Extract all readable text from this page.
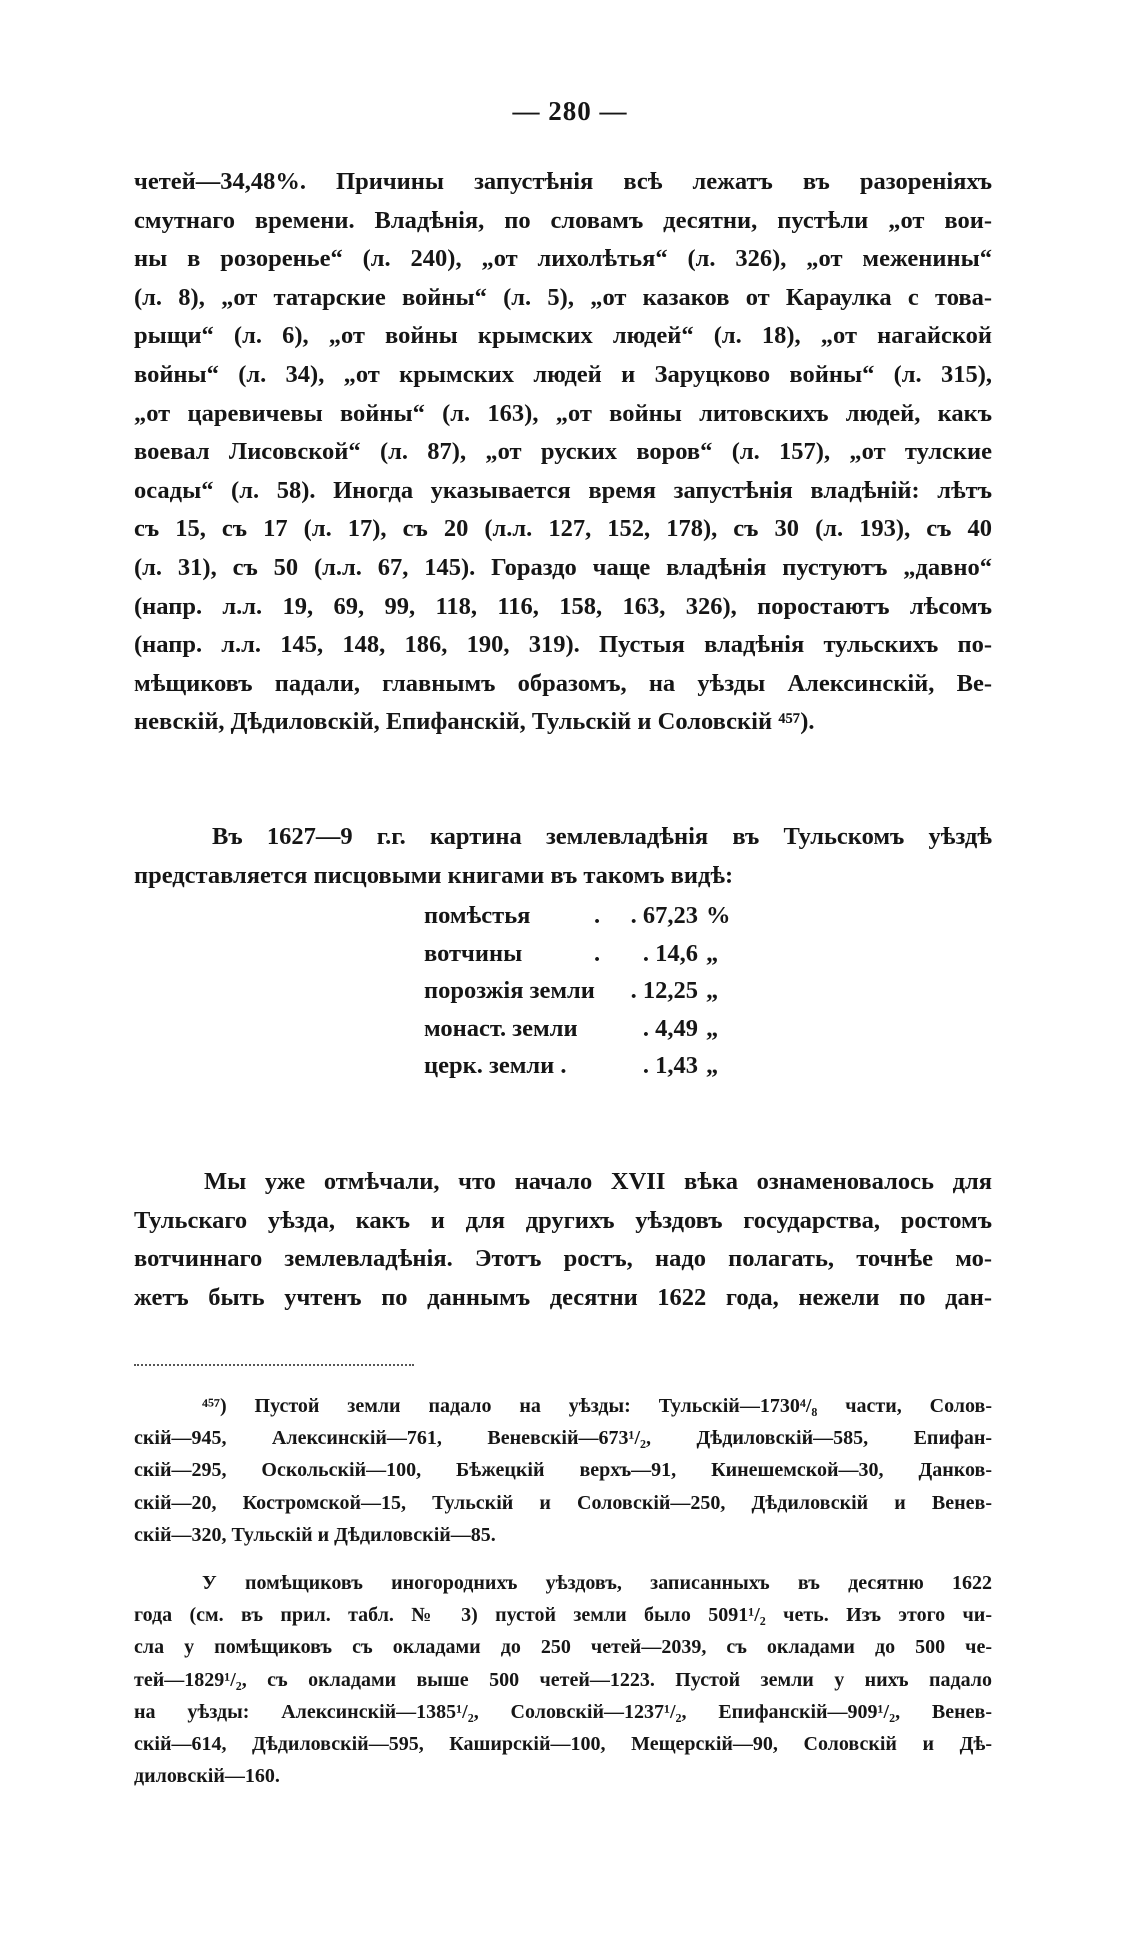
— 280 —
четей—34,48%. Причины запустѣнія всѣ лежатъ въ разореніяхъ
смутнаго времени. Владѣнія, по словамъ десятни, пустѣли „от вои-
ны в розоренье“ (л. 240), „от лихолѣтья“ (л. 326), „от меженины“
(л. 8), „от татарские войны“ (л. 5), „от казаков от Караулка с това-
рыщи“ (л. 6), „от войны крымских людей“ (л. 18), „от нагайской
войны“ (л. 34), „от крымских людей и Заруцково войны“ (л. 315),
„от царевичевы войны“ (л. 163), „от войны литовскихъ людей, какъ
воевал Лисовской“ (л. 87), „от руских воров“ (л. 157), „от тулские
осады“ (л. 58). Иногда указывается время запустѣнія владѣній: лѣтъ
съ 15, съ 17 (л. 17), съ 20 (л.л. 127, 152, 178), съ 30 (л. 193), съ 40
(л. 31), съ 50 (л.л. 67, 145). Гораздо чаще владѣнія пустуютъ „давно“
(напр. л.л. 19, 69, 99, 118, 116, 158, 163, 326), поростаютъ лѣсомъ
(напр. л.л. 145, 148, 186, 190, 319). Пустыя владѣнія тульскихъ по-
мѣщиковъ падали, главнымъ образомъ, на уѣзды Алексинскій, Ве-
невскій, Дѣдиловскій, Епифанскій, Тульскій и Соловскій ⁴⁵⁷).
Въ 1627—9 г.г. картина землевладѣнія въ Тульскомъ уѣздѣ
представляется писцовыми книгами въ такомъ видѣ:
помѣстья	.	. 67,23 %
вотчины	.	. 14,6 „
порозжія земли	. 12,25 „
монаст. земли	. 4,49 „
церк. земли .	. 1,43 „
Мы уже отмѣчали, что начало XVII вѣка ознаменовалось для
Тульскаго уѣзда, какъ и для другихъ уѣздовъ государства, ростомъ
вотчиннаго землевладѣнія. Этотъ ростъ, надо полагать, точнѣе мо-
жетъ быть учтенъ по даннымъ десятни 1622 года, нежели по дан-
⁴⁵⁷) Пустой земли падало на уѣзды: Тульскій—1730⁴/₈ части, Солов-
скій—945, Алексинскій—761, Веневскій—673¹/₂, Дѣдиловскій—585, Епифан-
скій—295, Оскольскій—100, Бѣжецкій верхъ—91, Кинешемской—30, Данков-
скій—20, Костромской—15, Тульскій и Соловскій—250, Дѣдиловскій и Венев-
скій—320, Тульскій и Дѣдиловскій—85.
У помѣщиковъ иногороднихъ уѣздовъ, записанныхъ въ десятню 1622
года (см. въ прил. табл. № 3) пустой земли было 5091¹/₂ четь. Изъ этого чи-
сла у помѣщиковъ съ окладами до 250 четей—2039, съ окладами до 500 че-
тей—1829¹/₂, съ окладами выше 500 четей—1223. Пустой земли у нихъ падало
на уѣзды: Алексинскій—1385¹/₂, Соловскій—1237¹/₂, Епифанскій—909¹/₂, Венев-
скій—614, Дѣдиловскій—595, Каширскій—100, Мещерскій—90, Соловскій и Дѣ-
диловскій—160.
